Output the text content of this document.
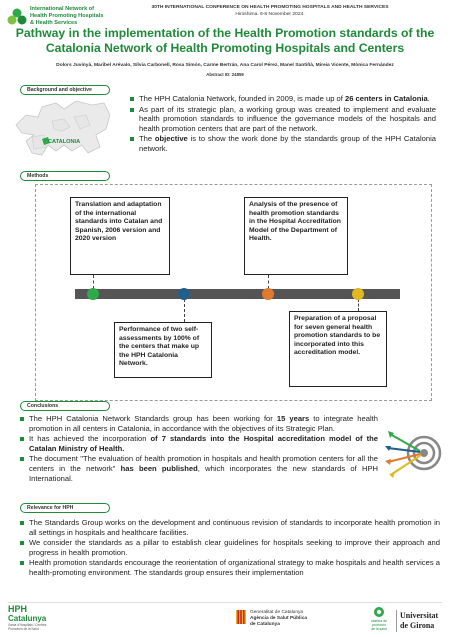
International Network of
Health Promoting Hospitals
& Health Services
30TH INTERNATIONAL CONFERENCE ON HEALTH PROMOTING HOSPITALS AND HEALTH SERVICES
Hiroshima. 6-8 November 2024.
Pathway in the implementation of the Health Promotion standards of the
Catalonia Network of Health Promoting Hospitals and Centers
Dolors Juvinyà, Maribel Arévalo, Sílvia Carbonell, Rosa Simón, Carme Bertrán, Ana Carol Pérez, Manel Santiñà, Mireia Vicente, Mònica Fernández
Abstract ID: 24859
Background and objective
CATALONIA
The HPH Catalonia Network, founded in 2009, is made up of 26 centers in Catalonia.
As part of its strategic plan, a working group was created to implement and evaluate health promotion standards to influence the governance models of the hospitals and health promotion centers that are part of the network.
The objective is to show the work done by the standards group of the HPH Catalonia network.
Methods
Translation and adaptation of the international standards into Catalan and Spanish, 2006 version and 2020 version
Analysis of the presence of health promotion standards in the Hospital Accreditation Model of the Department of Health.
Performance of two self-assessments by 100% of the centers that make up the HPH Catalonia Network.
Preparation of a proposal for seven general health promotion standards to be incorporated into this accreditation model.
Conclusions
The HPH Catalonia Network Standards group has been working for 15 years to integrate health promotion in all centers in Catalonia, in accordance with the objectives of its Strategic Plan.
It has achieved the incorporation of 7 standards into the Hospital accreditation model of the Catalan Ministry of Health.
The document "The evaluation of health promotion in hospitals and health promotion centers for all the centers in the network" has been published, which incorporates the new standards of HPH International.
Relevance for HPH
The Standards Group works on the development and continuous revision of standards to incorporate health promotion in all settings in hospitals and healthcare facilities.
We consider the standards as a pillar to establish clear guidelines for hospitals seeking to improve their approach and progress in health promotion.
Health promotion standards encourage the reorientation of organizational strategy to make hospitals and health services a health-promoting environment. The standards group ensures their implementation
HPH
Catalunya
Xarxa d'Hospitals i Centres
Promotors de la Salut
Generalitat de Catalunya
Agència de Salut Pública
de Catalunya
càtedra de
promoció
de la salut
Universitat
de Girona
